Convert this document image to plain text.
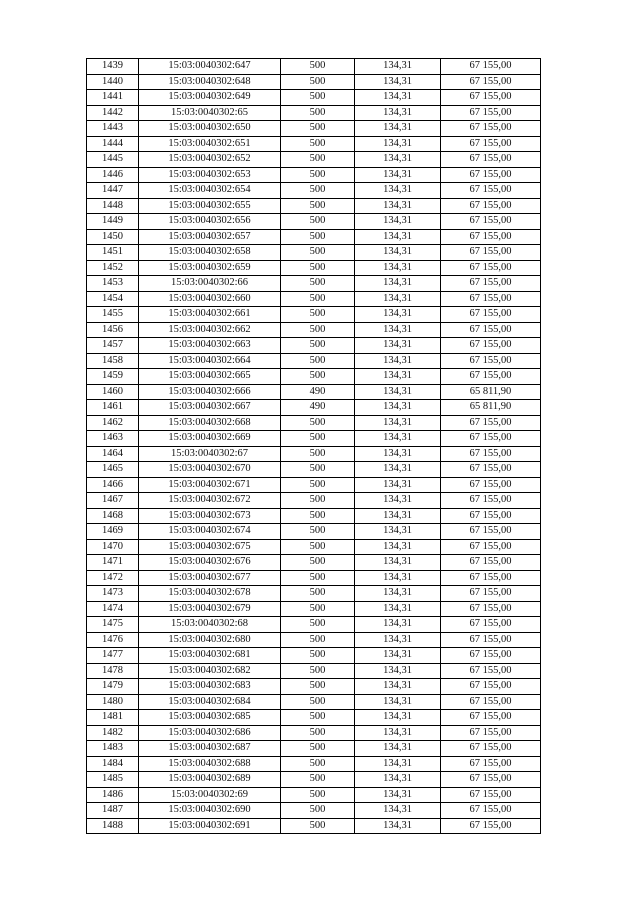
1439	15:03:0040302:647	500	134,31	67 155,00
1440	15:03:0040302:648	500	134,31	67 155,00
1441	15:03:0040302:649	500	134,31	67 155,00
1442	15:03:0040302:65	500	134,31	67 155,00
1443	15:03:0040302:650	500	134,31	67 155,00
1444	15:03:0040302:651	500	134,31	67 155,00
1445	15:03:0040302:652	500	134,31	67 155,00
1446	15:03:0040302:653	500	134,31	67 155,00
1447	15:03:0040302:654	500	134,31	67 155,00
1448	15:03:0040302:655	500	134,31	67 155,00
1449	15:03:0040302:656	500	134,31	67 155,00
1450	15:03:0040302:657	500	134,31	67 155,00
1451	15:03:0040302:658	500	134,31	67 155,00
1452	15:03:0040302:659	500	134,31	67 155,00
1453	15:03:0040302:66	500	134,31	67 155,00
1454	15:03:0040302:660	500	134,31	67 155,00
1455	15:03:0040302:661	500	134,31	67 155,00
1456	15:03:0040302:662	500	134,31	67 155,00
1457	15:03:0040302:663	500	134,31	67 155,00
1458	15:03:0040302:664	500	134,31	67 155,00
1459	15:03:0040302:665	500	134,31	67 155,00
1460	15:03:0040302:666	490	134,31	65 811,90
1461	15:03:0040302:667	490	134,31	65 811,90
1462	15:03:0040302:668	500	134,31	67 155,00
1463	15:03:0040302:669	500	134,31	67 155,00
1464	15:03:0040302:67	500	134,31	67 155,00
1465	15:03:0040302:670	500	134,31	67 155,00
1466	15:03:0040302:671	500	134,31	67 155,00
1467	15:03:0040302:672	500	134,31	67 155,00
1468	15:03:0040302:673	500	134,31	67 155,00
1469	15:03:0040302:674	500	134,31	67 155,00
1470	15:03:0040302:675	500	134,31	67 155,00
1471	15:03:0040302:676	500	134,31	67 155,00
1472	15:03:0040302:677	500	134,31	67 155,00
1473	15:03:0040302:678	500	134,31	67 155,00
1474	15:03:0040302:679	500	134,31	67 155,00
1475	15:03:0040302:68	500	134,31	67 155,00
1476	15:03:0040302:680	500	134,31	67 155,00
1477	15:03:0040302:681	500	134,31	67 155,00
1478	15:03:0040302:682	500	134,31	67 155,00
1479	15:03:0040302:683	500	134,31	67 155,00
1480	15:03:0040302:684	500	134,31	67 155,00
1481	15:03:0040302:685	500	134,31	67 155,00
1482	15:03:0040302:686	500	134,31	67 155,00
1483	15:03:0040302:687	500	134,31	67 155,00
1484	15:03:0040302:688	500	134,31	67 155,00
1485	15:03:0040302:689	500	134,31	67 155,00
1486	15:03:0040302:69	500	134,31	67 155,00
1487	15:03:0040302:690	500	134,31	67 155,00
1488	15:03:0040302:691	500	134,31	67 155,00
